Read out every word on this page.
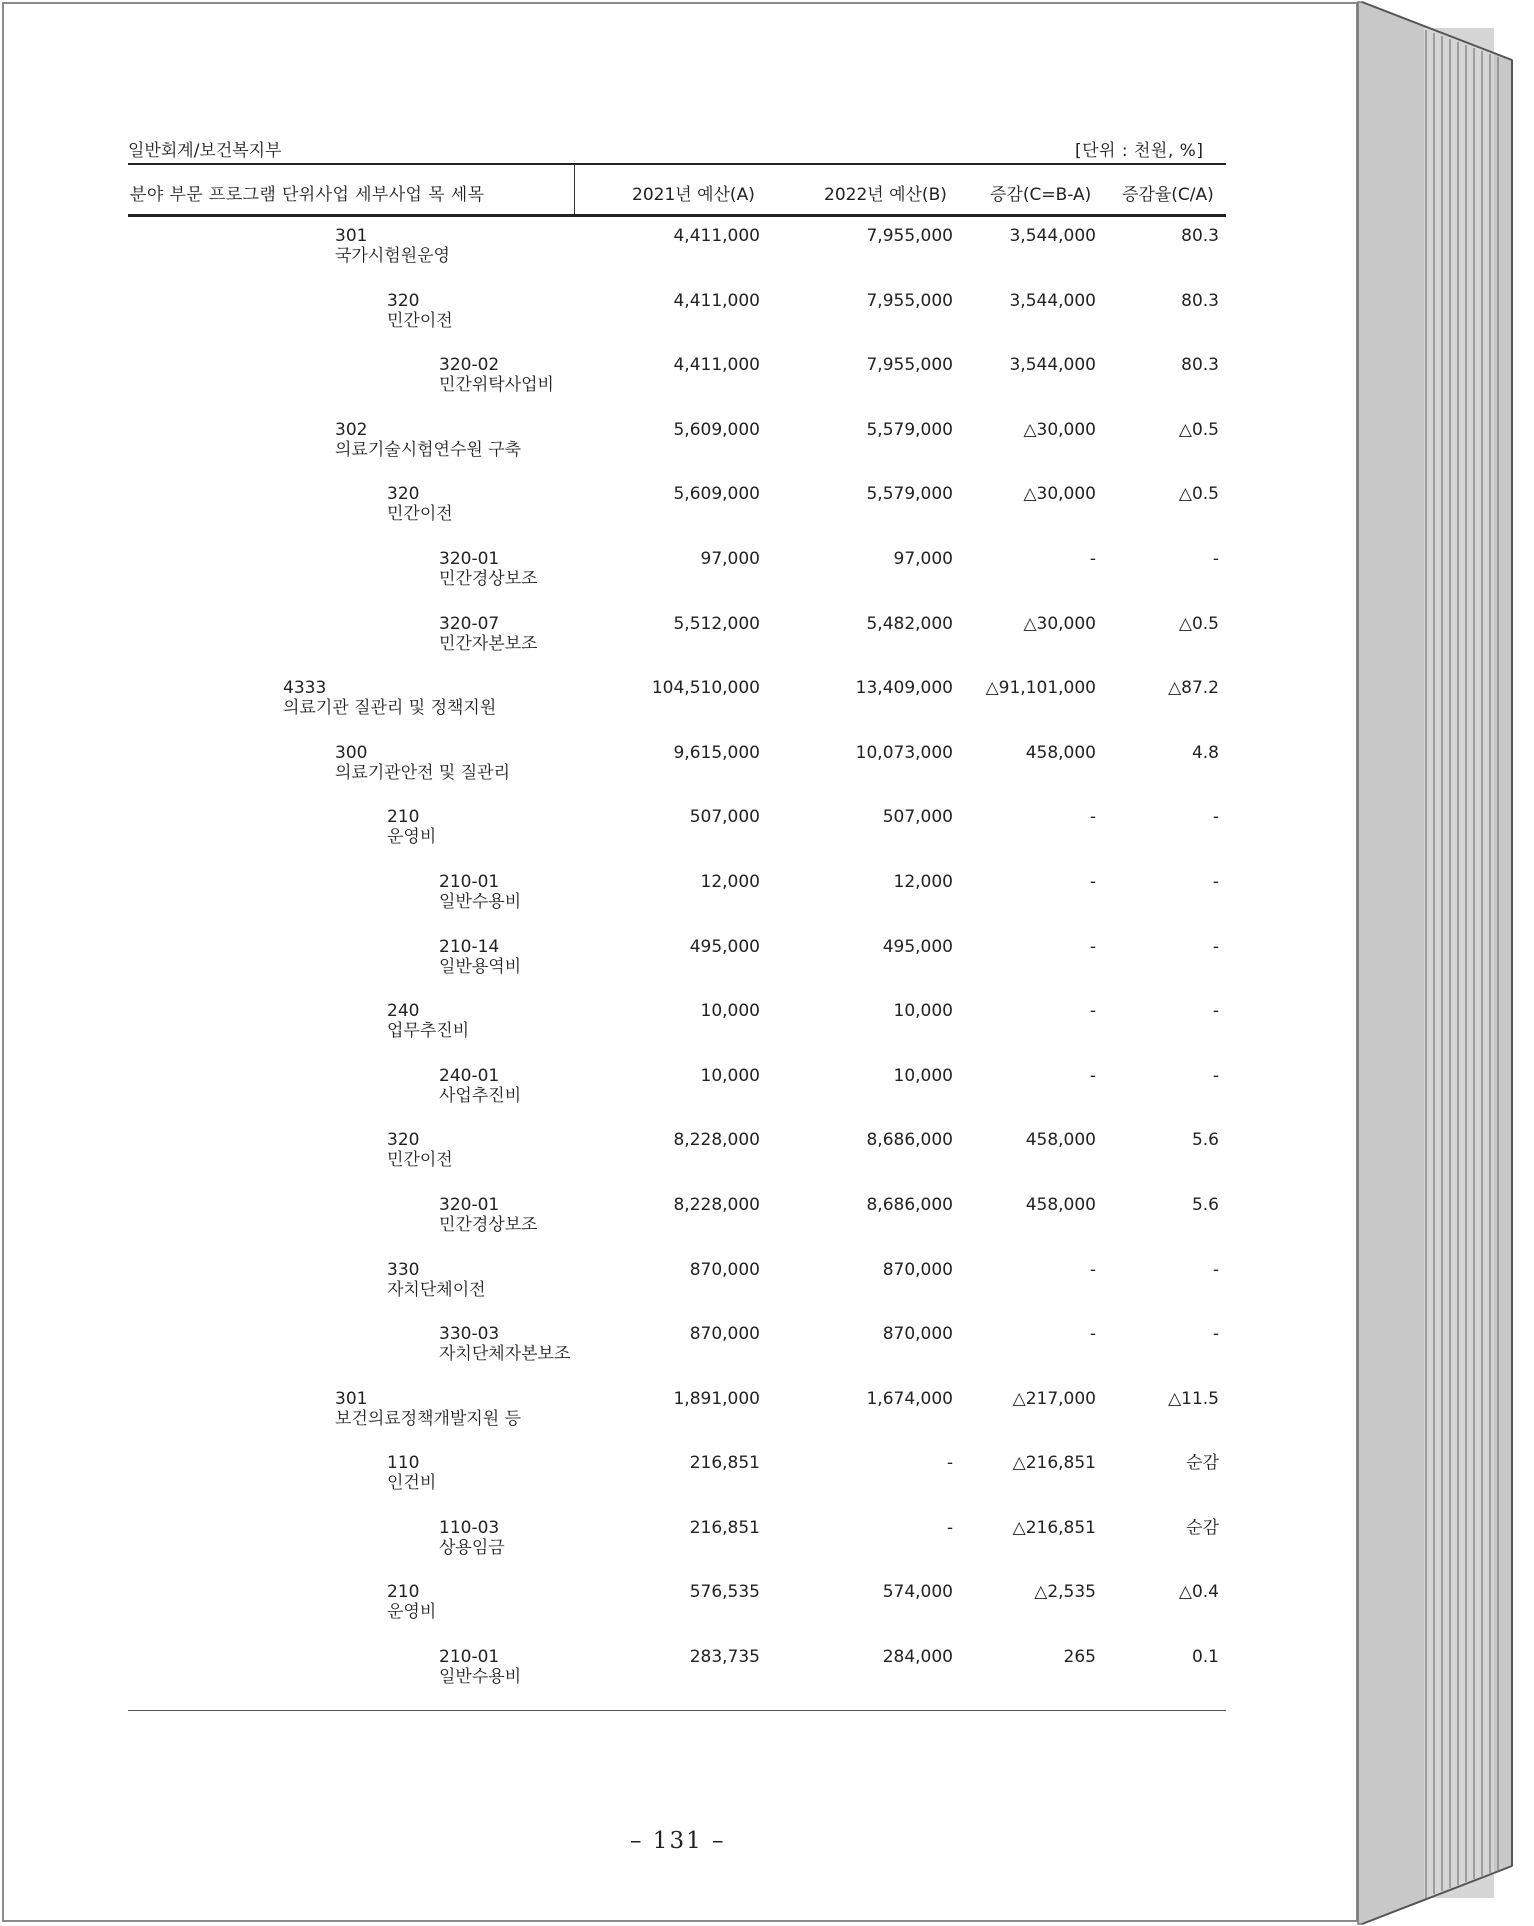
일반회계/보건복지부	[단위 : 천원, %]
분야 부문 프로그램 단위사업 세부사업 목 세목	2021년 예산(A)	2022년 예산(B)	증감(C=B-A) 증감율(C/A)
301
국가시험원운영
4,411,000	7,955,000	3,544,000	80.3
320
민간이전
4,411,000	7,955,000	3,544,000	80.3
320-02
민간위탁사업비
4,411,000	7,955,000	3,544,000	80.3
302
의료기술시험연수원 구축
5,609,000	5,579,000	△30,000	△0.5
320
민간이전
5,609,000	5,579,000	△30,000	△0.5
320-01
민간경상보조
97,000	97,000	-	-
320-07
민간자본보조
5,512,000	5,482,000	△30,000	△0.5
4333
의료기관 질관리 및 정책지원
104,510,000	13,409,000 △91,101,000	△87.2
300
의료기관안전 및 질관리
9,615,000	10,073,000	458,000	4.8
210
운영비
507,000	507,000	-	-
210-01
일반수용비
12,000	12,000	-	-
210-14
일반용역비
495,000	495,000	-	-
240
업무추진비
10,000	10,000	-	-
240-01
사업추진비
10,000	10,000	-	-
320
민간이전
8,228,000	8,686,000	458,000	5.6
320-01
민간경상보조
8,228,000	8,686,000	458,000	5.6
330
자치단체이전
870,000	870,000	-	-
330-03
자치단체자본보조
870,000	870,000	-	-
301
보건의료정책개발지원 등
1,891,000	1,674,000	△217,000	△11.5
110
인건비
216,851	-	△216,851	순감
110-03
상용임금
216,851	-	△216,851	순감
210
운영비
576,535	574,000	△2,535	△0.4
210-01
일반수용비
283,735	284,000	265	0.1
– 131 –
